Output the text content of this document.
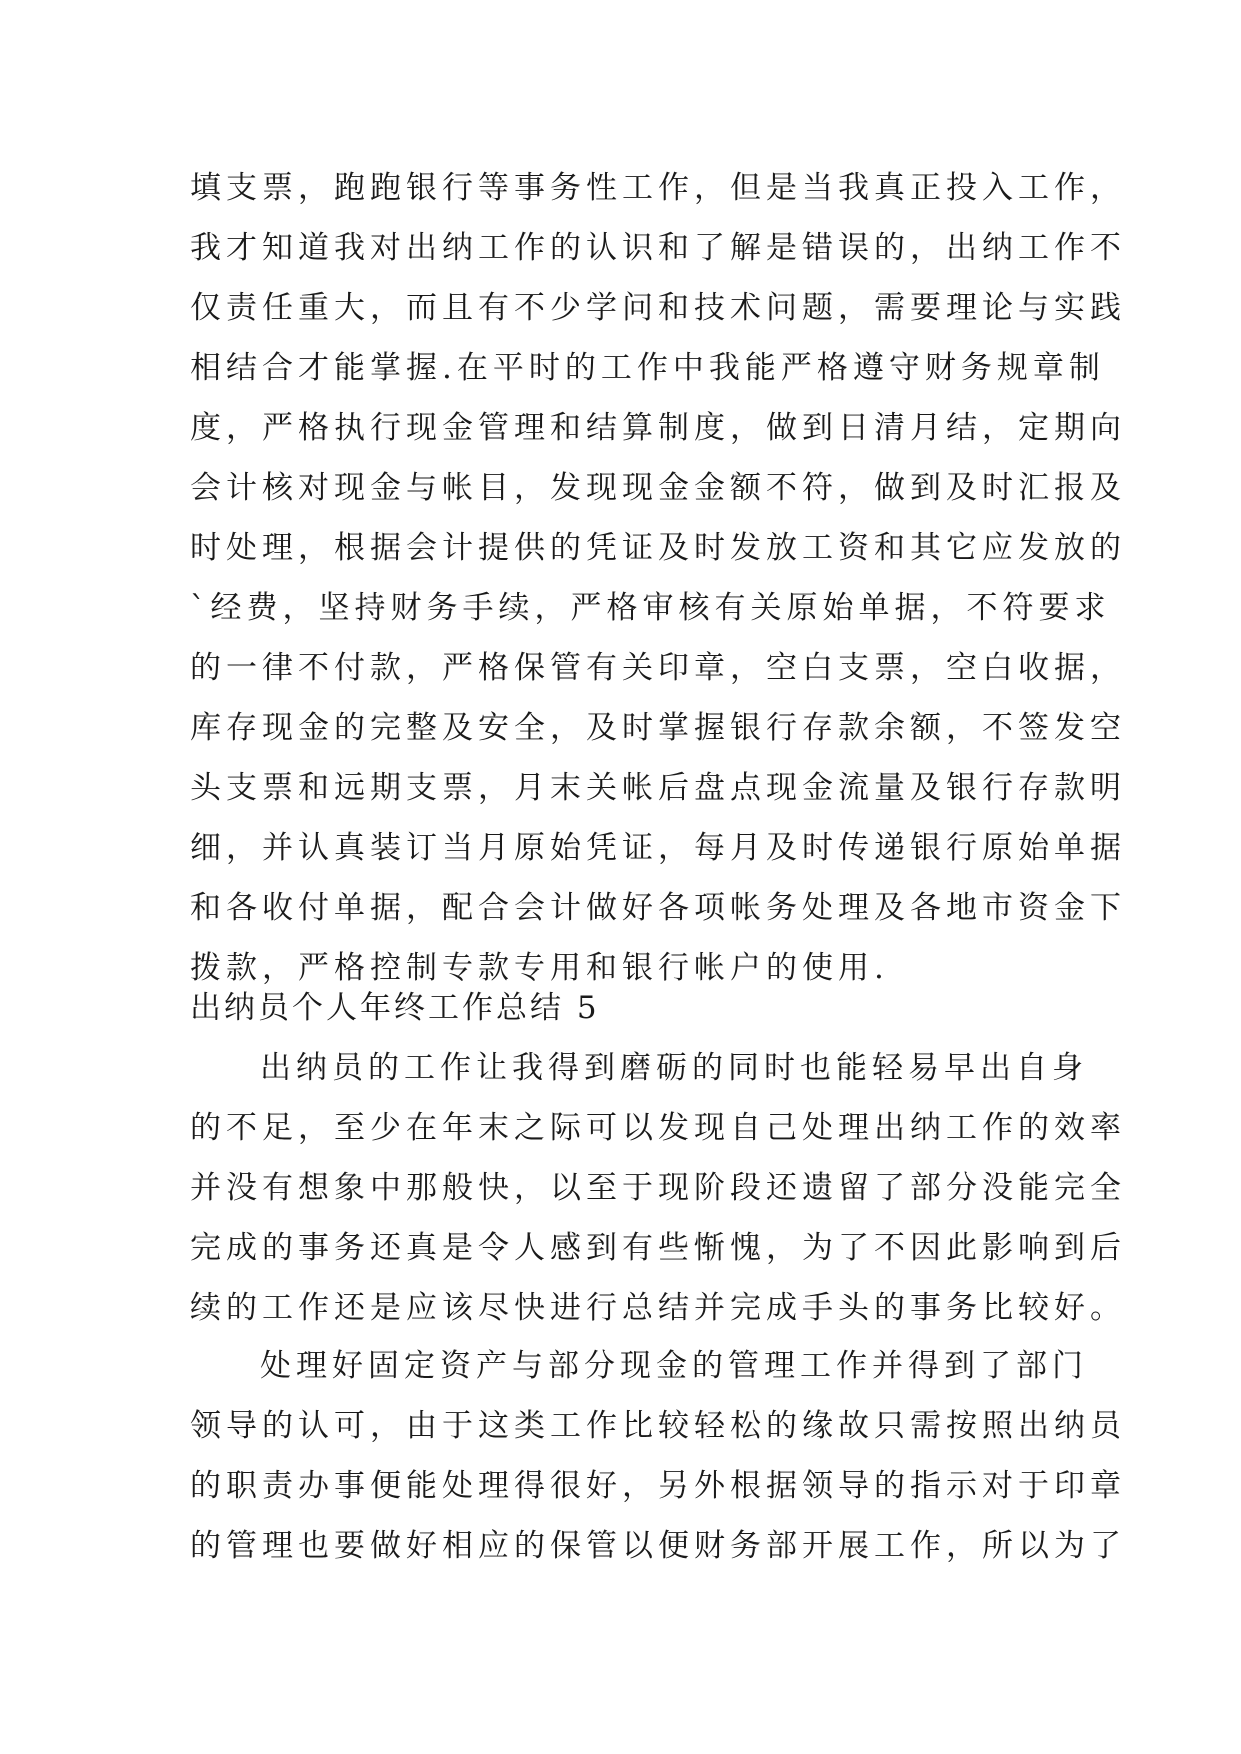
填支票，跑跑银行等事务性工作，但是当我真正投入工作，
我才知道我对出纳工作的认识和了解是错误的，出纳工作不
仅责任重大，而且有不少学问和技术问题，需要理论与实践
相结合才能掌握.在平时的工作中我能严格遵守财务规章制
度，严格执行现金管理和结算制度，做到日清月结，定期向
会计核对现金与帐目，发现现金金额不符，做到及时汇报及
时处理，根据会计提供的凭证及时发放工资和其它应发放的
`经费，坚持财务手续，严格审核有关原始单据，不符要求
的一律不付款，严格保管有关印章，空白支票，空白收据，
库存现金的完整及安全，及时掌握银行存款余额，不签发空
头支票和远期支票，月末关帐后盘点现金流量及银行存款明
细，并认真装订当月原始凭证，每月及时传递银行原始单据
和各收付单据，配合会计做好各项帐务处理及各地市资金下
拨款，严格控制专款专用和银行帐户的使用.
出纳员个人年终工作总结 5
出纳员的工作让我得到磨砺的同时也能轻易早出自身
的不足，至少在年末之际可以发现自己处理出纳工作的效率
并没有想象中那般快，以至于现阶段还遗留了部分没能完全
完成的事务还真是令人感到有些惭愧，为了不因此影响到后
续的工作还是应该尽快进行总结并完成手头的事务比较好。
处理好固定资产与部分现金的管理工作并得到了部门
领导的认可，由于这类工作比较轻松的缘故只需按照出纳员
的职责办事便能处理得很好，另外根据领导的指示对于印章
的管理也要做好相应的保管以便财务部开展工作，所以为了
